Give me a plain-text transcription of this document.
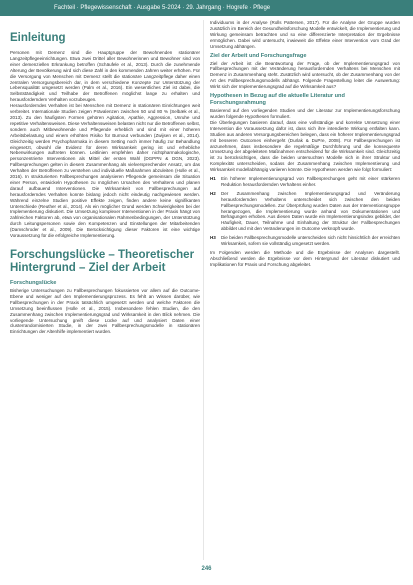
Fachteil · Pflegewissenschaft · Ausgabe 5-2024 · 29. Jahrgang · Hogrefe · Pflege
Einleitung

Personen mit Demenz sind die Hauptgruppe der Bewohnenden stationärer Langzeitpflegeeinrichtungen. Etwa zwei Drittel aller Bewohnerinnen und Bewohner sind von einer demenziellen Erkrankung betroffen (Schäufele et al., 2013). Durch die zunehmende Alterung der Bevölkerung wird sich diese Zahl in den kommenden Jahren weiter erhöhen. Für die Versorgung von Menschen mit Demenz stellt die stationäre Langzeitpflege daher einen zentralen Versorgungsbereich dar, in dem verschiedene Konzepte zur Unterstützung der Lebensqualität umgesetzt werden (Palm et al., 2016). Ein wesentliches Ziel ist dabei, die Selbstständigkeit und Teilhabe der Betroffenen möglichst lange zu erhalten und herausforderndem Verhalten vorzubeugen.

Herausforderndes Verhalten ist bei Menschen mit Demenz in stationären Einrichtungen weit verbreitet. Internationale Studien zeigen Prävalenzen zwischen 50 und 80 % (Selbæk et al., 2013). Zu den häufigsten Formen gehören Agitation, Apathie, Aggression, Unruhe und repetitive Verhaltensweisen. Diese Verhaltensweisen belasten nicht nur die Betroffenen selbst, sondern auch Mitbewohnende und Pflegende erheblich und sind mit einer höheren Arbeitsbelastung und einem erhöhten Risiko für Burnout verbunden (Zwijsen et al., 2014). Gleichzeitig werden Psychopharmaka in diesem Setting noch immer häufig zur Behandlung eingesetzt, obwohl die Evidenz für deren Wirksamkeit gering ist und erhebliche Nebenwirkungen auftreten können. Leitlinien empfehlen daher nichtpharmakologische, personzentrierte Interventionen als Mittel der ersten Wahl (DGPPN & DGN, 2023). Fallbesprechungen gelten in diesem Zusammenhang als vielversprechender Ansatz, um das Verhalten der Betroffenen zu verstehen und individuelle Maßnahmen abzuleiten (Holle et al., 2016). In strukturierten Fallbesprechungen analysieren Pflegende gemeinsam die Situation einer Person, entwickeln Hypothesen zu möglichen Ursachen des Verhaltens und planen darauf aufbauend Interventionen. Die Wirksamkeit von Fallbesprechungen auf herausforderndes Verhalten konnte bislang jedoch nicht eindeutig nachgewiesen werden. Während einzelne Studien positive Effekte zeigen, finden andere keine signifikanten Unterschiede (Reuther et al., 2014). Als ein möglicher Grund werden Schwierigkeiten bei der Implementierung diskutiert. Die Umsetzung komplexer Interventionen in der Praxis hängt von zahlreichen Faktoren ab, etwa von organisationalen Rahmenbedingungen, der Unterstützung durch Leitungspersonen sowie den Kompetenzen und Einstellungen der Mitarbeitenden (Damschroder et al., 2009). Die Berücksichtigung dieser Faktoren ist eine wichtige Voraussetzung für die erfolgreiche Implementierung.

Forschungslücke – Theoretischer Hintergrund – Ziel der Arbeit
Forschungslücke

Bisherige Untersuchungen zu Fallbesprechungen fokussierten vor allem auf die Outcome-Ebene und weniger auf den Implementierungsprozess. Es fehlt an Wissen darüber, wie Fallbesprechungen in der Praxis tatsächlich umgesetzt werden und welche Faktoren die Umsetzung beeinflussen (Holle et al., 2015). Insbesondere fehlen Studien, die den Zusammenhang zwischen Implementierungsgrad und Wirksamkeit in den Blick nehmen. Die vorliegende Untersuchung greift diese Lücke auf und analysiert Daten einer clusterrandomisierten Studie, in der zwei Fallbesprechungsmodelle in stationären Einrichtungen der Altenhilfe implementiert wurden.

Individuums in der Analyse (Rolls Pattersen, 2017). Für die Analyse der Gruppe wurden zusätzlich im Bereich der Gesundheitsforschung Modelle entwickelt, die Implementierung und Wirkung gemeinsam betrachten und so eine differenzierte Interpretation der Ergebnisse ermöglichen. Dabei wird untersucht, inwieweit die Effekte einer Intervention vom Grad der Umsetzung abhängen.

Ziel der Arbeit und Forschungsfrage

Ziel der Arbeit ist die Beantwortung der Frage, ob der Implementierungsgrad von Fallbesprechungen mit der Veränderung herausfordernden Verhaltens bei Menschen mit Demenz in Zusammenhang steht. Zusätzlich wird untersucht, ob der Zusammenhang von der Art des Fallbesprechungsmodells abhängt. Folgende Fragestellung leitet die Auswertung: Wirkt sich der Implementierungsgrad auf die Wirksamkeit aus?

Hypothesen in Bezug auf die aktuelle Literatur und Forschungsrahmung

Basierend auf den vorliegenden Studien und der Literatur zur Implementierungsforschung wurden folgende Hypothesen formuliert.

Die Überlegungen basieren darauf, dass eine vollständige und korrekte Umsetzung einer Intervention die Voraussetzung dafür ist, dass sich ihre intendierte Wirkung entfalten kann. Studien aus anderen Versorgungsbereichen belegen, dass ein höherer Implementierungsgrad mit besseren Outcomes einhergeht (Durlak & DuPre, 2008). Für Fallbesprechungen ist anzunehmen, dass insbesondere die regelmäßige Durchführung und die konsequente Umsetzung der abgeleiteten Maßnahmen entscheidend für die Wirksamkeit sind. Gleichzeitig ist zu berücksichtigen, dass die beiden untersuchten Modelle sich in ihrer Struktur und Komplexität unterscheiden, sodass der Zusammenhang zwischen Implementierung und Wirksamkeit modellabhängig variieren könnte. Die Hypothesen werden wie folgt formuliert:

H1	Ein höherer Implementierungsgrad von Fallbesprechungen geht mit einer stärkeren Reduktion herausfordernden Verhaltens einher.
H2	Der Zusammenhang zwischen Implementierungsgrad und Veränderung herausfordernden Verhaltens unterscheidet sich zwischen den beiden Fallbesprechungsmodellen. Zur Überprüfung wurden Daten aus der Interventionsgruppe herangezogen, die Implementierung wurde anhand von Dokumentationen und Befragungen erhoben. Aus diesen Daten wurde ein Implementierungsindex gebildet, der Häufigkeit, Dauer, Teilnahme und Einhaltung der Struktur der Fallbesprechungen abbildet und mit den Veränderungen im Outcome verknüpft wurde.
H3	Die beiden Fallbesprechungsmodelle unterscheiden sich nicht hinsichtlich der erreichten Wirksamkeit, sofern sie vollständig umgesetzt werden.

Im Folgenden werden die Methode und die Ergebnisse der Analysen dargestellt. Abschließend werden die Ergebnisse vor dem Hintergrund der Literatur diskutiert und Implikationen für Praxis und Forschung abgeleitet.

246
